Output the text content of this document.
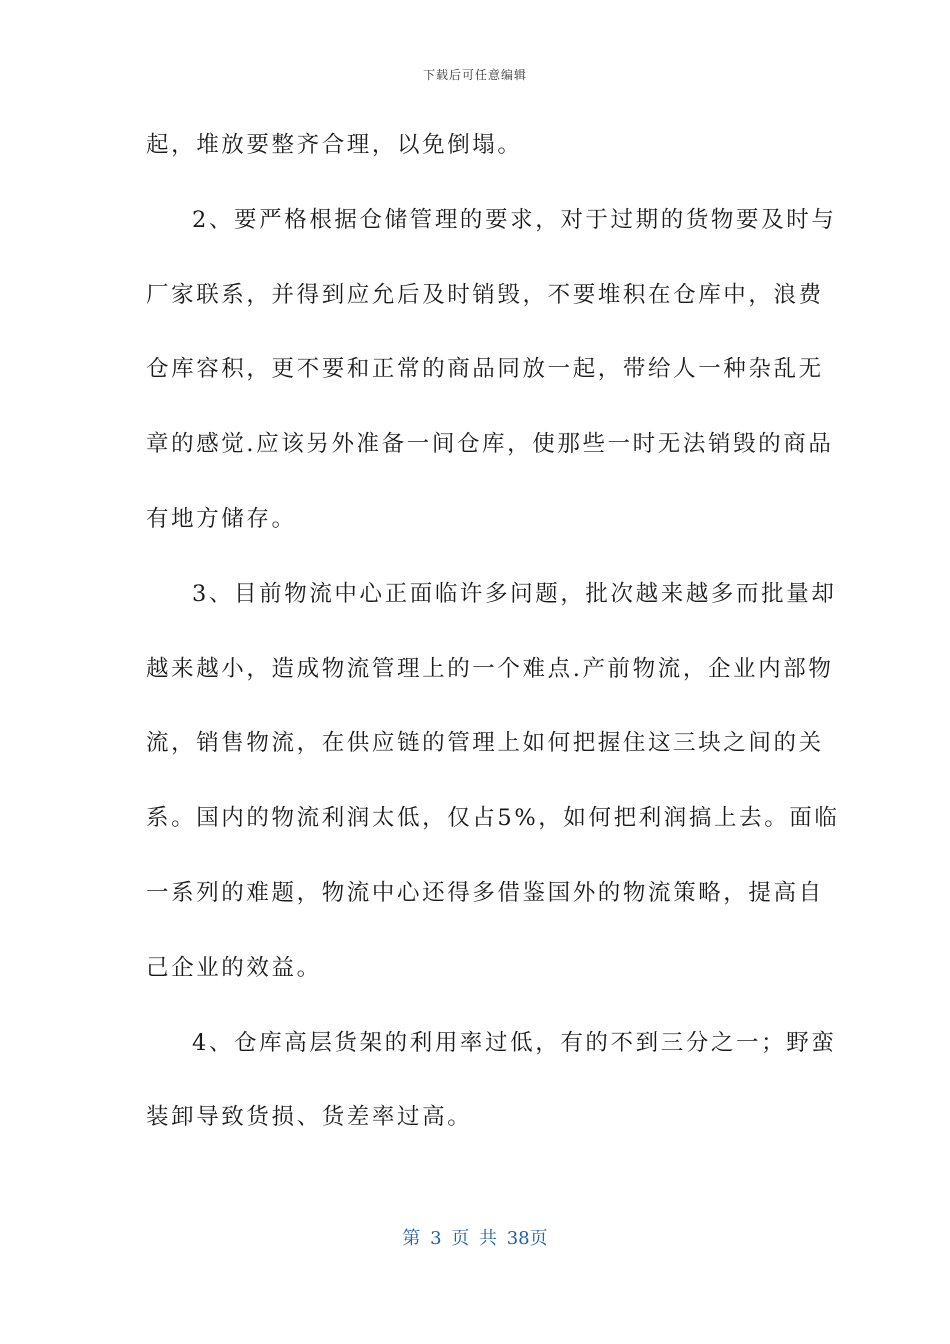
下载后可任意编辑
起，堆放要整齐合理，以免倒塌。
2、要严格根据仓储管理的要求，对于过期的货物要及时与
厂家联系，并得到应允后及时销毁，不要堆积在仓库中，浪费
仓库容积，更不要和正常的商品同放一起，带给人一种杂乱无
章的感觉.应该另外准备一间仓库，使那些一时无法销毁的商品
有地方储存。
3、目前物流中心正面临许多问题，批次越来越多而批量却
越来越小，造成物流管理上的一个难点.产前物流，企业内部物
流，销售物流，在供应链的管理上如何把握住这三块之间的关
系。国内的物流利润太低，仅占5%，如何把利润搞上去。面临
一系列的难题，物流中心还得多借鉴国外的物流策略，提高自
己企业的效益。
4、仓库高层货架的利用率过低，有的不到三分之一；野蛮
装卸导致货损、货差率过高。
第 3 页 共 38页
